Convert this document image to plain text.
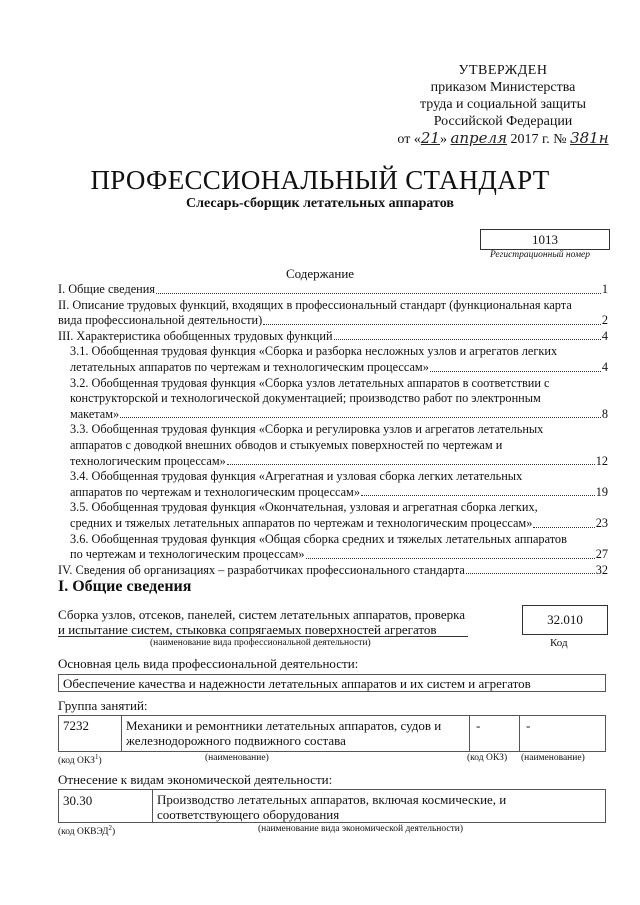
УТВЕРЖДЕН
приказом Министерства
труда и социальной защиты
Российской Федерации
от «21» апреля 2017 г. № 381н
ПРОФЕССИОНАЛЬНЫЙ СТАНДАРТ
Слесарь-сборщик летательных аппаратов
1013
Регистрационный номер
Содержание
I. Общие сведения	1
II. Описание трудовых функций, входящих в профессиональный стандарт (функциональная карта
вида профессиональной деятельности)	2
III. Характеристика обобщенных трудовых функций	4
3.1. Обобщенная трудовая функция «Сборка и разборка несложных узлов и агрегатов легких
летательных аппаратов по чертежам и технологическим процессам»	4
3.2. Обобщенная трудовая функция «Сборка узлов летательных аппаратов в соответствии с
конструкторской и технологической документацией; производство работ по электронным
макетам»	8
3.3. Обобщенная трудовая функция «Сборка и регулировка узлов и агрегатов летательных
аппаратов с доводкой внешних обводов и стыкуемых поверхностей по чертежам и
технологическим процессам»	12
3.4. Обобщенная трудовая функция «Агрегатная и узловая сборка легких летательных
аппаратов по чертежам и технологическим процессам»	19
3.5. Обобщенная трудовая функция «Окончательная, узловая и агрегатная сборка легких,
средних и тяжелых летательных аппаратов по чертежам и технологическим процессам»	23
3.6. Обобщенная трудовая функция «Общая сборка средних и тяжелых летательных аппаратов
по чертежам и технологическим процессам»	27
IV. Сведения об организациях – разработчиках профессионального стандарта	32
I. Общие сведения
Сборка узлов, отсеков, панелей, систем летательных аппаратов, проверка
и испытание систем, стыковка сопрягаемых поверхностей агрегатов
(наименование вида профессиональной деятельности)
32.010
Код
Основная цель вида профессиональной деятельности:
Обеспечение качества и надежности летательных аппаратов и их систем и агрегатов
Группа занятий:
7232	Механики и ремонтники летательных аппаратов, судов и
железнодорожного подвижного состава
-	-
(код ОКЗ$^1$)	(наименование)	(код ОКЗ) (наименование)
Отнесение к видам экономической деятельности:
30.30	Производство летательных аппаратов, включая космические, и
соответствующего оборудования
(код ОКВЭД$^2$)	(наименование вида экономической деятельности)
